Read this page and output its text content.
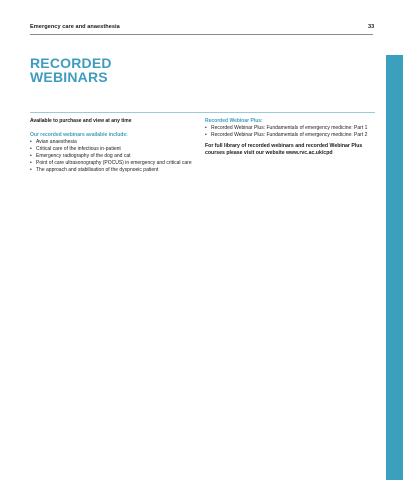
Emergency care and anaesthesia	33
RECORDED
WEBINARS
Available to purchase and view at any time
Our recorded webinars available include:
• Avian anaesthesia
• Critical care of the infectious in-patient
• Emergency radiography of the dog and cat
• Point of care ultrasonography (POCUS) in emergency and critical care
• The approach and stabilisation of the dyspnoeic patient
Recorded Webinar Plus:
• Recorded Webinar Plus: Fundamentals of emergency medicine: Part 1
• Recorded Webinar Plus: Fundamentals of emergency medicine: Part 2
For full library of recorded webinars and recorded Webinar Plus
courses please visit our website www.rvc.ac.uk/cpd
